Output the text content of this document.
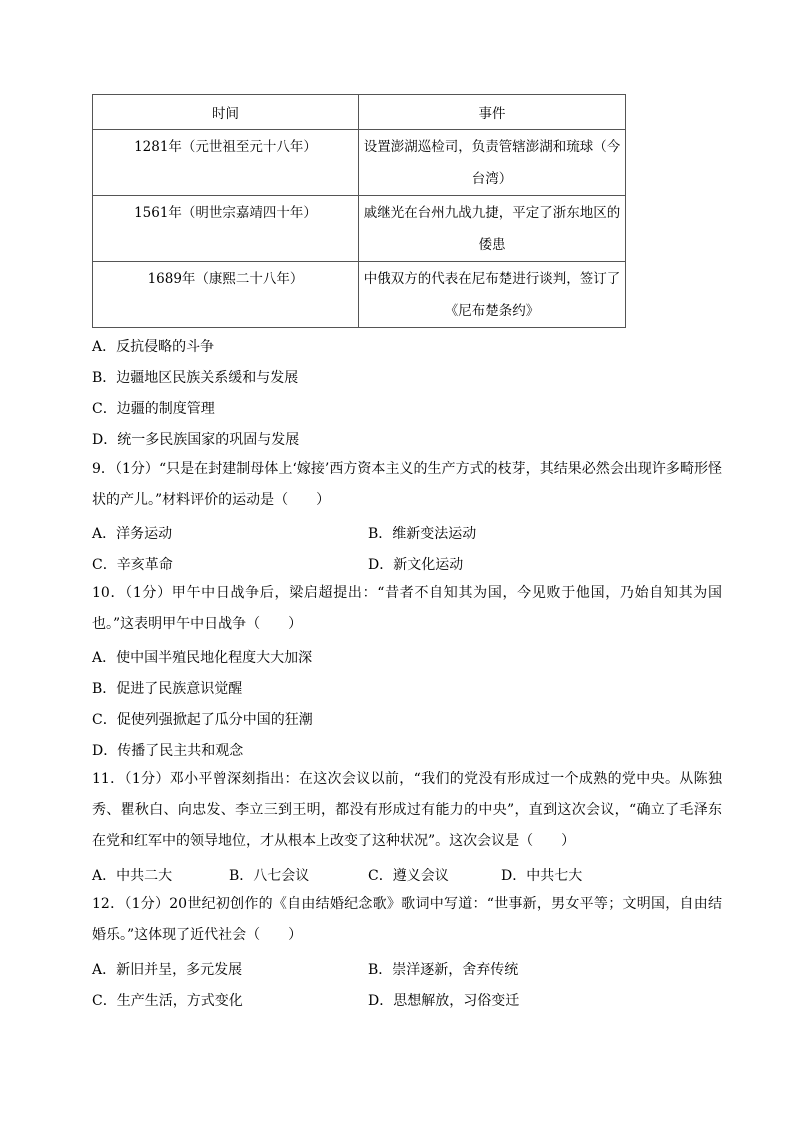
时间	事件
1281年（元世祖至元十八年）	设置澎湖巡检司，负责管辖澎湖和琉球（今台湾）
1561年（明世宗嘉靖四十年）	戚继光在台州九战九捷，平定了浙东地区的倭患
1689年（康熙二十八年）	中俄双方的代表在尼布楚进行谈判，签订了《尼布楚条约》
A．反抗侵略的斗争
B．边疆地区民族关系缓和与发展
C．边疆的制度管理
D．统一多民族国家的巩固与发展
9．（1分）“只是在封建制母体上‘嫁接’西方资本主义的生产方式的枝芽，其结果必然会出现许多畸形怪状的产儿。”材料评价的运动是（　　）
A．洋务运动	B．维新变法运动
C．辛亥革命	D．新文化运动
10．（1分）甲午中日战争后，梁启超提出：“昔者不自知其为国，今见败于他国，乃始自知其为国也。”这表明甲午中日战争（　　）
A．使中国半殖民地化程度大大加深
B．促进了民族意识觉醒
C．促使列强掀起了瓜分中国的狂潮
D．传播了民主共和观念
11．（1分）邓小平曾深刻指出：在这次会议以前，“我们的党没有形成过一个成熟的党中央。从陈独秀、瞿秋白、向忠发、李立三到王明，都没有形成过有能力的中央”，直到这次会议，“确立了毛泽东在党和红军中的领导地位，才从根本上改变了这种状况”。这次会议是（　　）
A．中共二大	B．八七会议	C．遵义会议	D．中共七大
12．（1分）20世纪初创作的《自由结婚纪念歌》歌词中写道：“世事新，男女平等；文明国，自由结婚乐。”这体现了近代社会（　　）
A．新旧并呈，多元发展	B．崇洋逐新，舍弃传统
C．生产生活，方式变化	D．思想解放，习俗变迁
